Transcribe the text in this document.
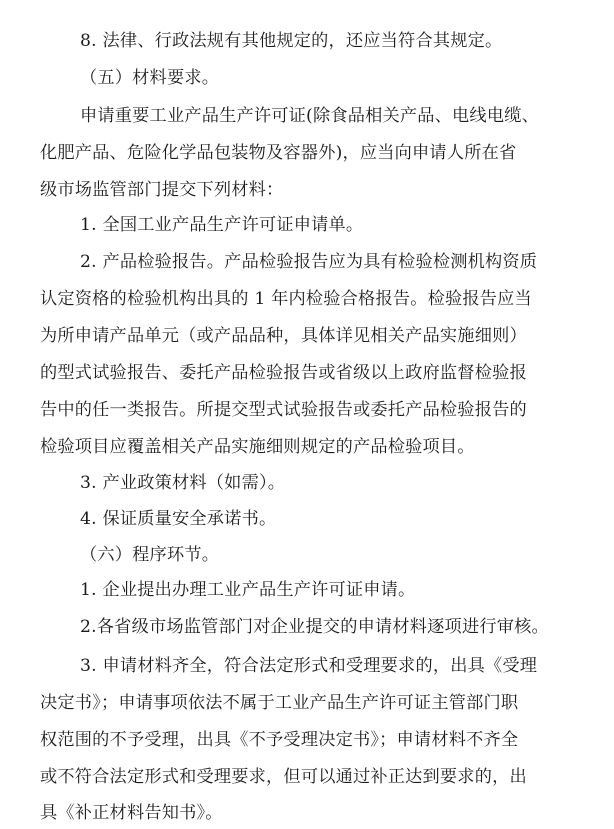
8. 法律、行政法规有其他规定的，还应当符合其规定。
（五）材料要求。
申请重要工业产品生产许可证(除食品相关产品、电线电缆、
化肥产品、危险化学品包装物及容器外)，应当向申请人所在省
级市场监管部门提交下列材料：
1. 全国工业产品生产许可证申请单。
2. 产品检验报告。产品检验报告应为具有检验检测机构资质
认定资格的检验机构出具的 1 年内检验合格报告。检验报告应当
为所申请产品单元（或产品品种，具体详见相关产品实施细则）
的型式试验报告、委托产品检验报告或省级以上政府监督检验报
告中的任一类报告。所提交型式试验报告或委托产品检验报告的
检验项目应覆盖相关产品实施细则规定的产品检验项目。
3. 产业政策材料（如需）。
4. 保证质量安全承诺书。
（六）程序环节。
1. 企业提出办理工业产品生产许可证申请。
2.各省级市场监管部门对企业提交的申请材料逐项进行审核。
3. 申请材料齐全，符合法定形式和受理要求的，出具《受理
决定书》；申请事项依法不属于工业产品生产许可证主管部门职
权范围的不予受理，出具《不予受理决定书》；申请材料不齐全
或不符合法定形式和受理要求，但可以通过补正达到要求的，出
具《补正材料告知书》。
